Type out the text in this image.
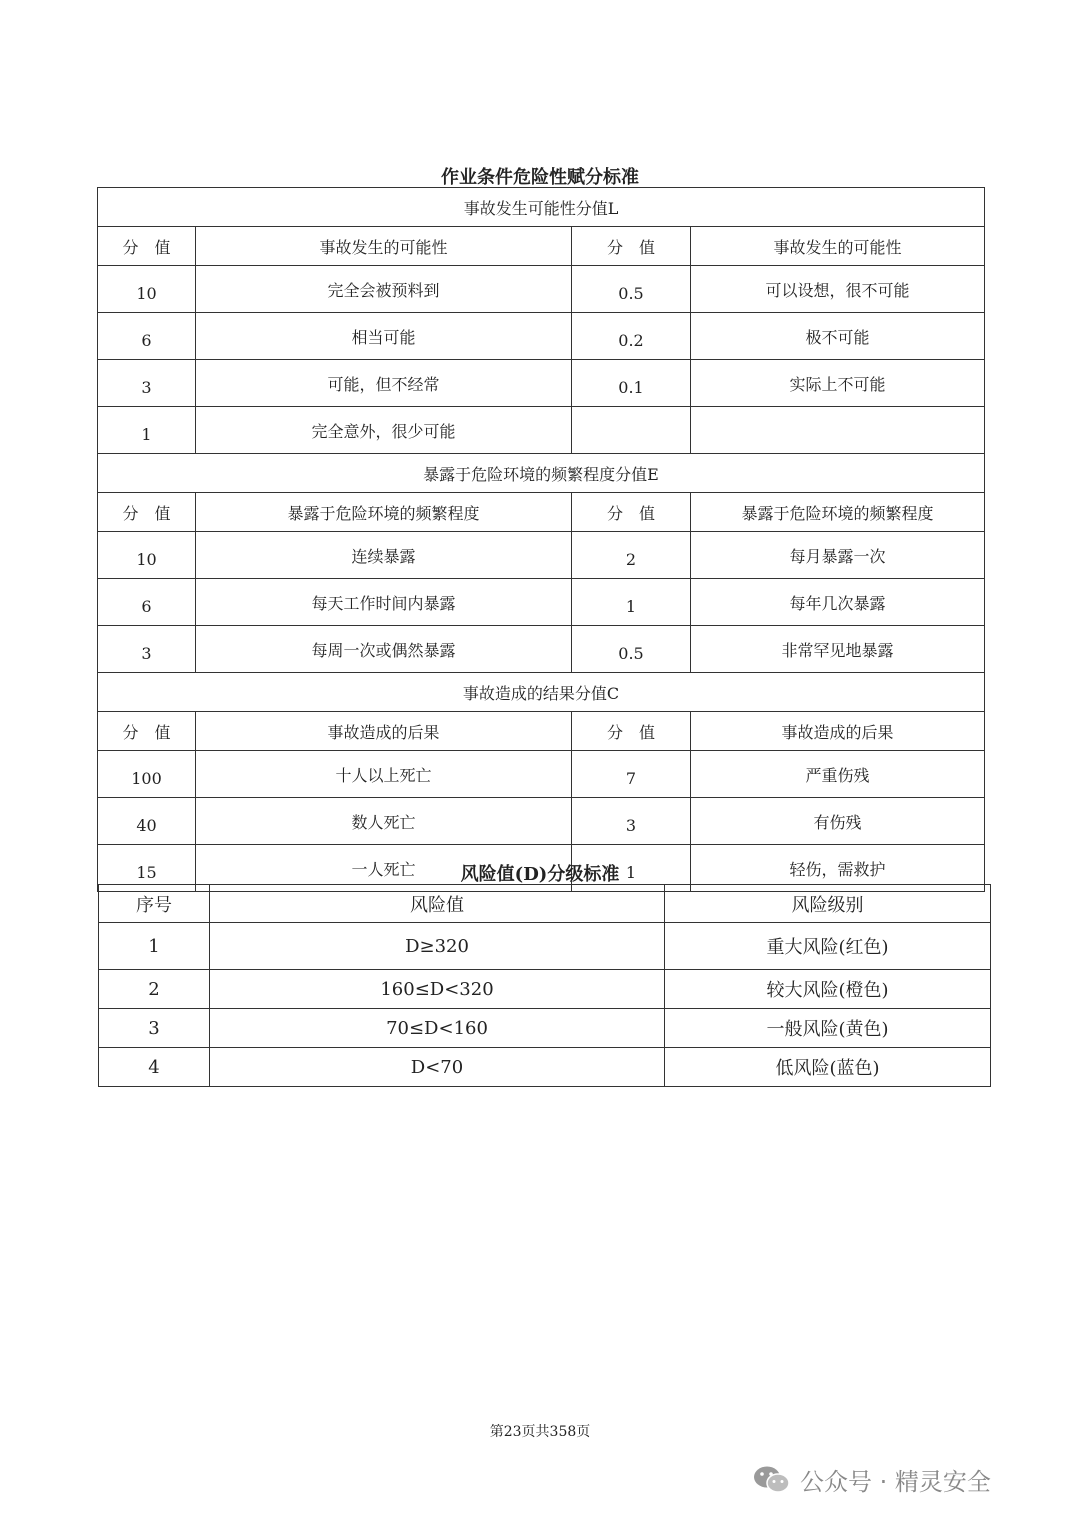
作业条件危险性赋分标准
事故发生可能性分值L			
分　值	事故发生的可能性	分　值	事故发生的可能性
10	完全会被预料到	0.5	可以设想，很不可能
6	相当可能	0.2	极不可能
3	可能，但不经常	0.1	实际上不可能
1	完全意外，很少可能		
暴露于危险环境的频繁程度分值E			
分　值	暴露于危险环境的频繁程度	分　值	暴露于危险环境的频繁程度
10	连续暴露	2	每月暴露一次
6	每天工作时间内暴露	1	每年几次暴露
3	每周一次或偶然暴露	0.5	非常罕见地暴露
事故造成的结果分值C			
分　值	事故造成的后果	分　值	事故造成的后果
100	十人以上死亡	7	严重伤残
40	数人死亡	3	有伤残
15	一人死亡	1	轻伤，需救护
风险值(D)分级标准
序号	风险值	风险级别
1	D≥320	重大风险(红色)
2	160≤D<320	较大风险(橙色)
3	70≤D<160	一般风险(黄色)
4	D<70	低风险(蓝色)
第23页共358页
公众号 · 精灵安全
